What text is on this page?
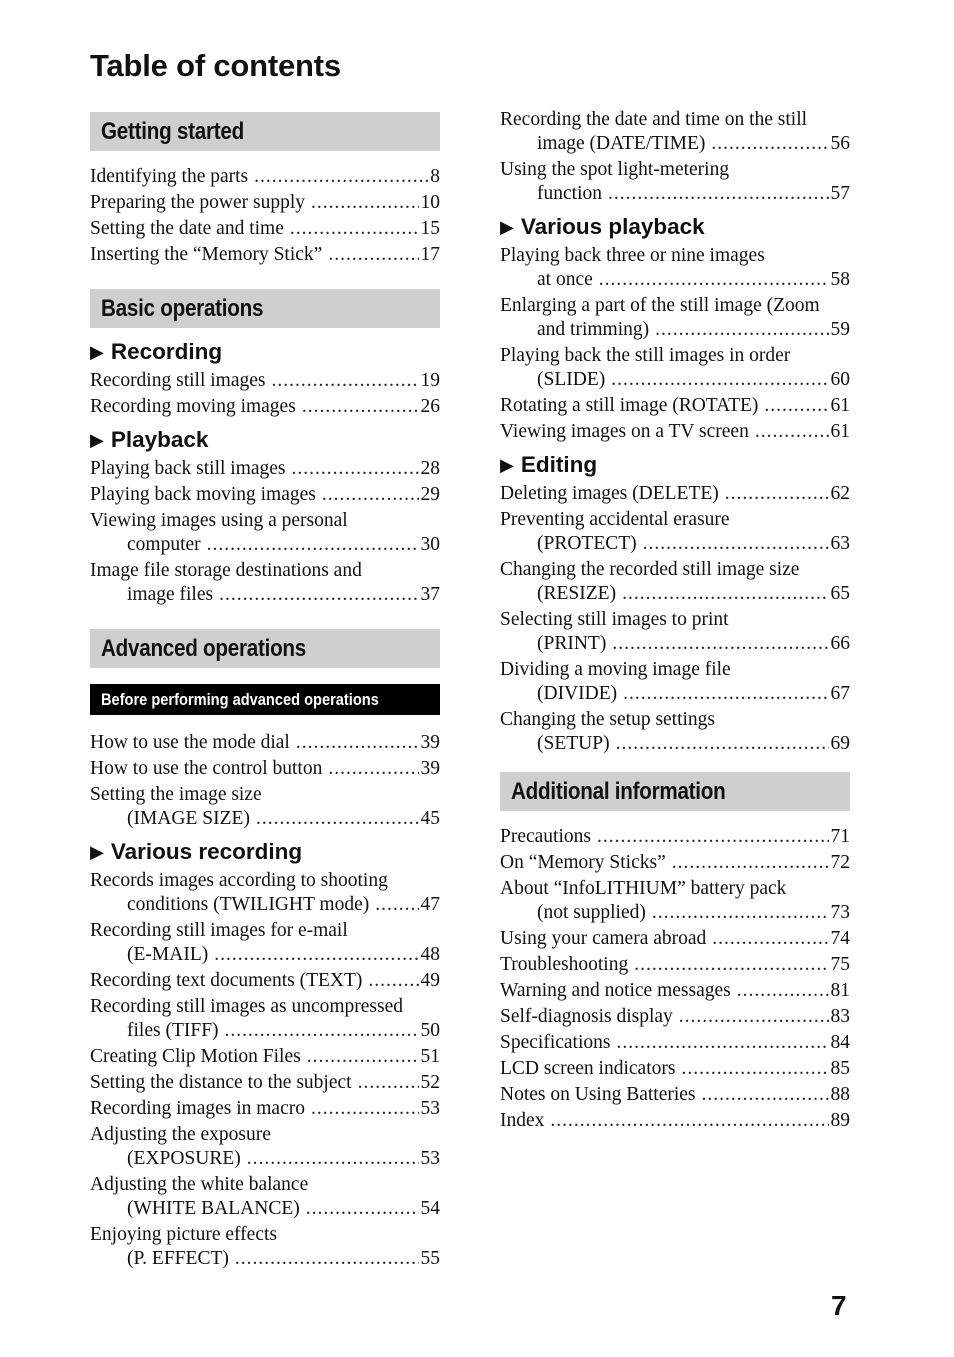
Table of contents
Getting started
Identifying the parts .....	8
Preparing the power supply .....	10
Setting the date and time .....	15
Inserting the “Memory Stick” .....	17
Basic operations
▶ Recording
Recording still images .....	19
Recording moving images .....	26
▶ Playback
Playing back still images .....	28
Playing back moving images .....	29
Viewing images using a personal
computer .....	30
Image file storage destinations and
image files .....	37
Advanced operations
Before performing advanced operations
How to use the mode dial .....	39
How to use the control button .....	39
Setting the image size
(IMAGE SIZE) .....	45
▶ Various recording
Records images according to shooting
conditions (TWILIGHT mode) .....	47
Recording still images for e-mail
(E-MAIL) .....	48
Recording text documents (TEXT) .....	49
Recording still images as uncompressed
files (TIFF) .....	50
Creating Clip Motion Files .....	51
Setting the distance to the subject .....	52
Recording images in macro .....	53
Adjusting the exposure
(EXPOSURE) .....	53
Adjusting the white balance
(WHITE BALANCE) .....	54
Enjoying picture effects
(P. EFFECT) .....	55
Recording the date and time on the still
image (DATE/TIME) .....	56
Using the spot light-metering
function .....	57
▶ Various playback
Playing back three or nine images
at once .....	58
Enlarging a part of the still image (Zoom
and trimming) .....	59
Playing back the still images in order
(SLIDE) .....	60
Rotating a still image (ROTATE) .....	61
Viewing images on a TV screen .....	61
▶ Editing
Deleting images (DELETE) .....	62
Preventing accidental erasure
(PROTECT) .....	63
Changing the recorded still image size
(RESIZE) .....	65
Selecting still images to print
(PRINT) .....	66
Dividing a moving image file
(DIVIDE) .....	67
Changing the setup settings
(SETUP) .....	69
Additional information
Precautions .....	71
On “Memory Sticks” .....	72
About “InfoLITHIUM” battery pack
(not supplied) .....	73
Using your camera abroad .....	74
Troubleshooting .....	75
Warning and notice messages .....	81
Self-diagnosis display .....	83
Specifications .....	84
LCD screen indicators .....	85
Notes on Using Batteries .....	88
Index .....	89
7
